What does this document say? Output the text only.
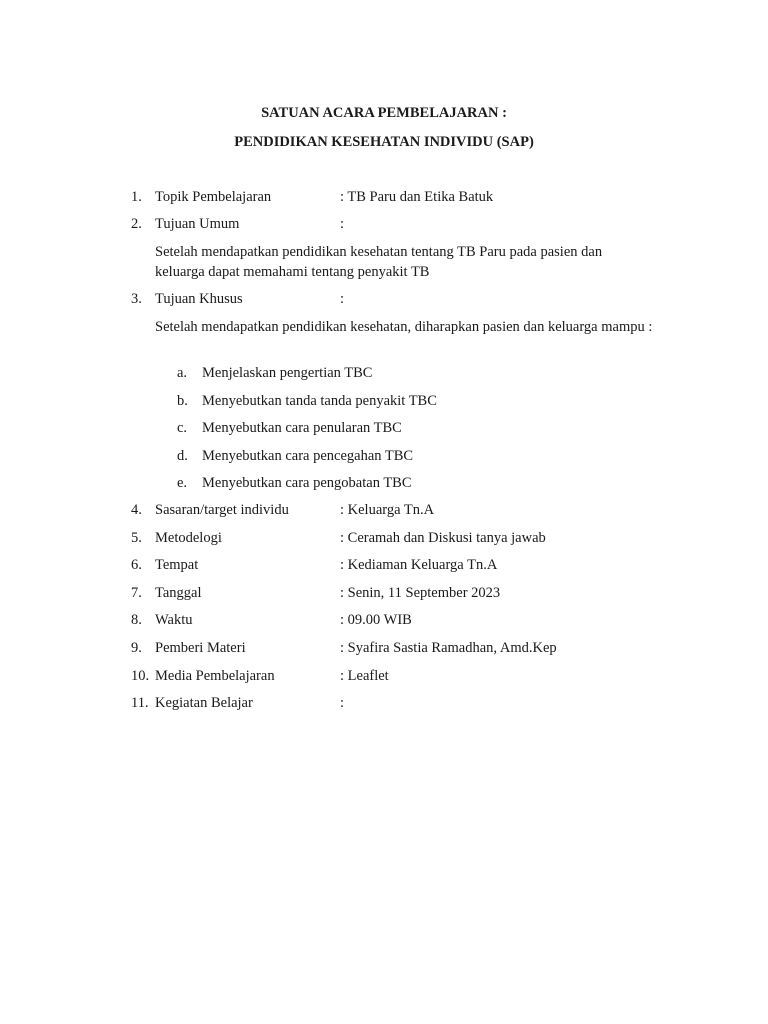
SATUAN ACARA PEMBELAJARAN :
PENDIDIKAN KESEHATAN INDIVIDU (SAP)
1. Topik Pembelajaran	: TB Paru dan Etika Batuk
2. Tujuan Umum	:

Setelah mendapatkan pendidikan kesehatan tentang TB Paru pada pasien dan keluarga dapat memahami tentang penyakit TB

3. Tujuan Khusus	:

Setelah mendapatkan pendidikan kesehatan, diharapkan pasien dan keluarga mampu :

a. Menjelaskan pengertian TBC
b. Menyebutkan tanda tanda penyakit TBC
c. Menyebutkan cara penularan TBC
d. Menyebutkan cara pencegahan TBC
e. Menyebutkan cara pengobatan TBC
4. Sasaran/target individu	: Keluarga Tn.A
5. Metodelogi	: Ceramah dan Diskusi tanya jawab
6. Tempat	: Kediaman Keluarga Tn.A
7. Tanggal	: Senin, 11 September 2023
8. Waktu	: 09.00 WIB
9. Pemberi Materi	: Syafira Sastia Ramadhan, Amd.Kep
10. Media Pembelajaran	: Leaflet
11. Kegiatan Belajar	:
